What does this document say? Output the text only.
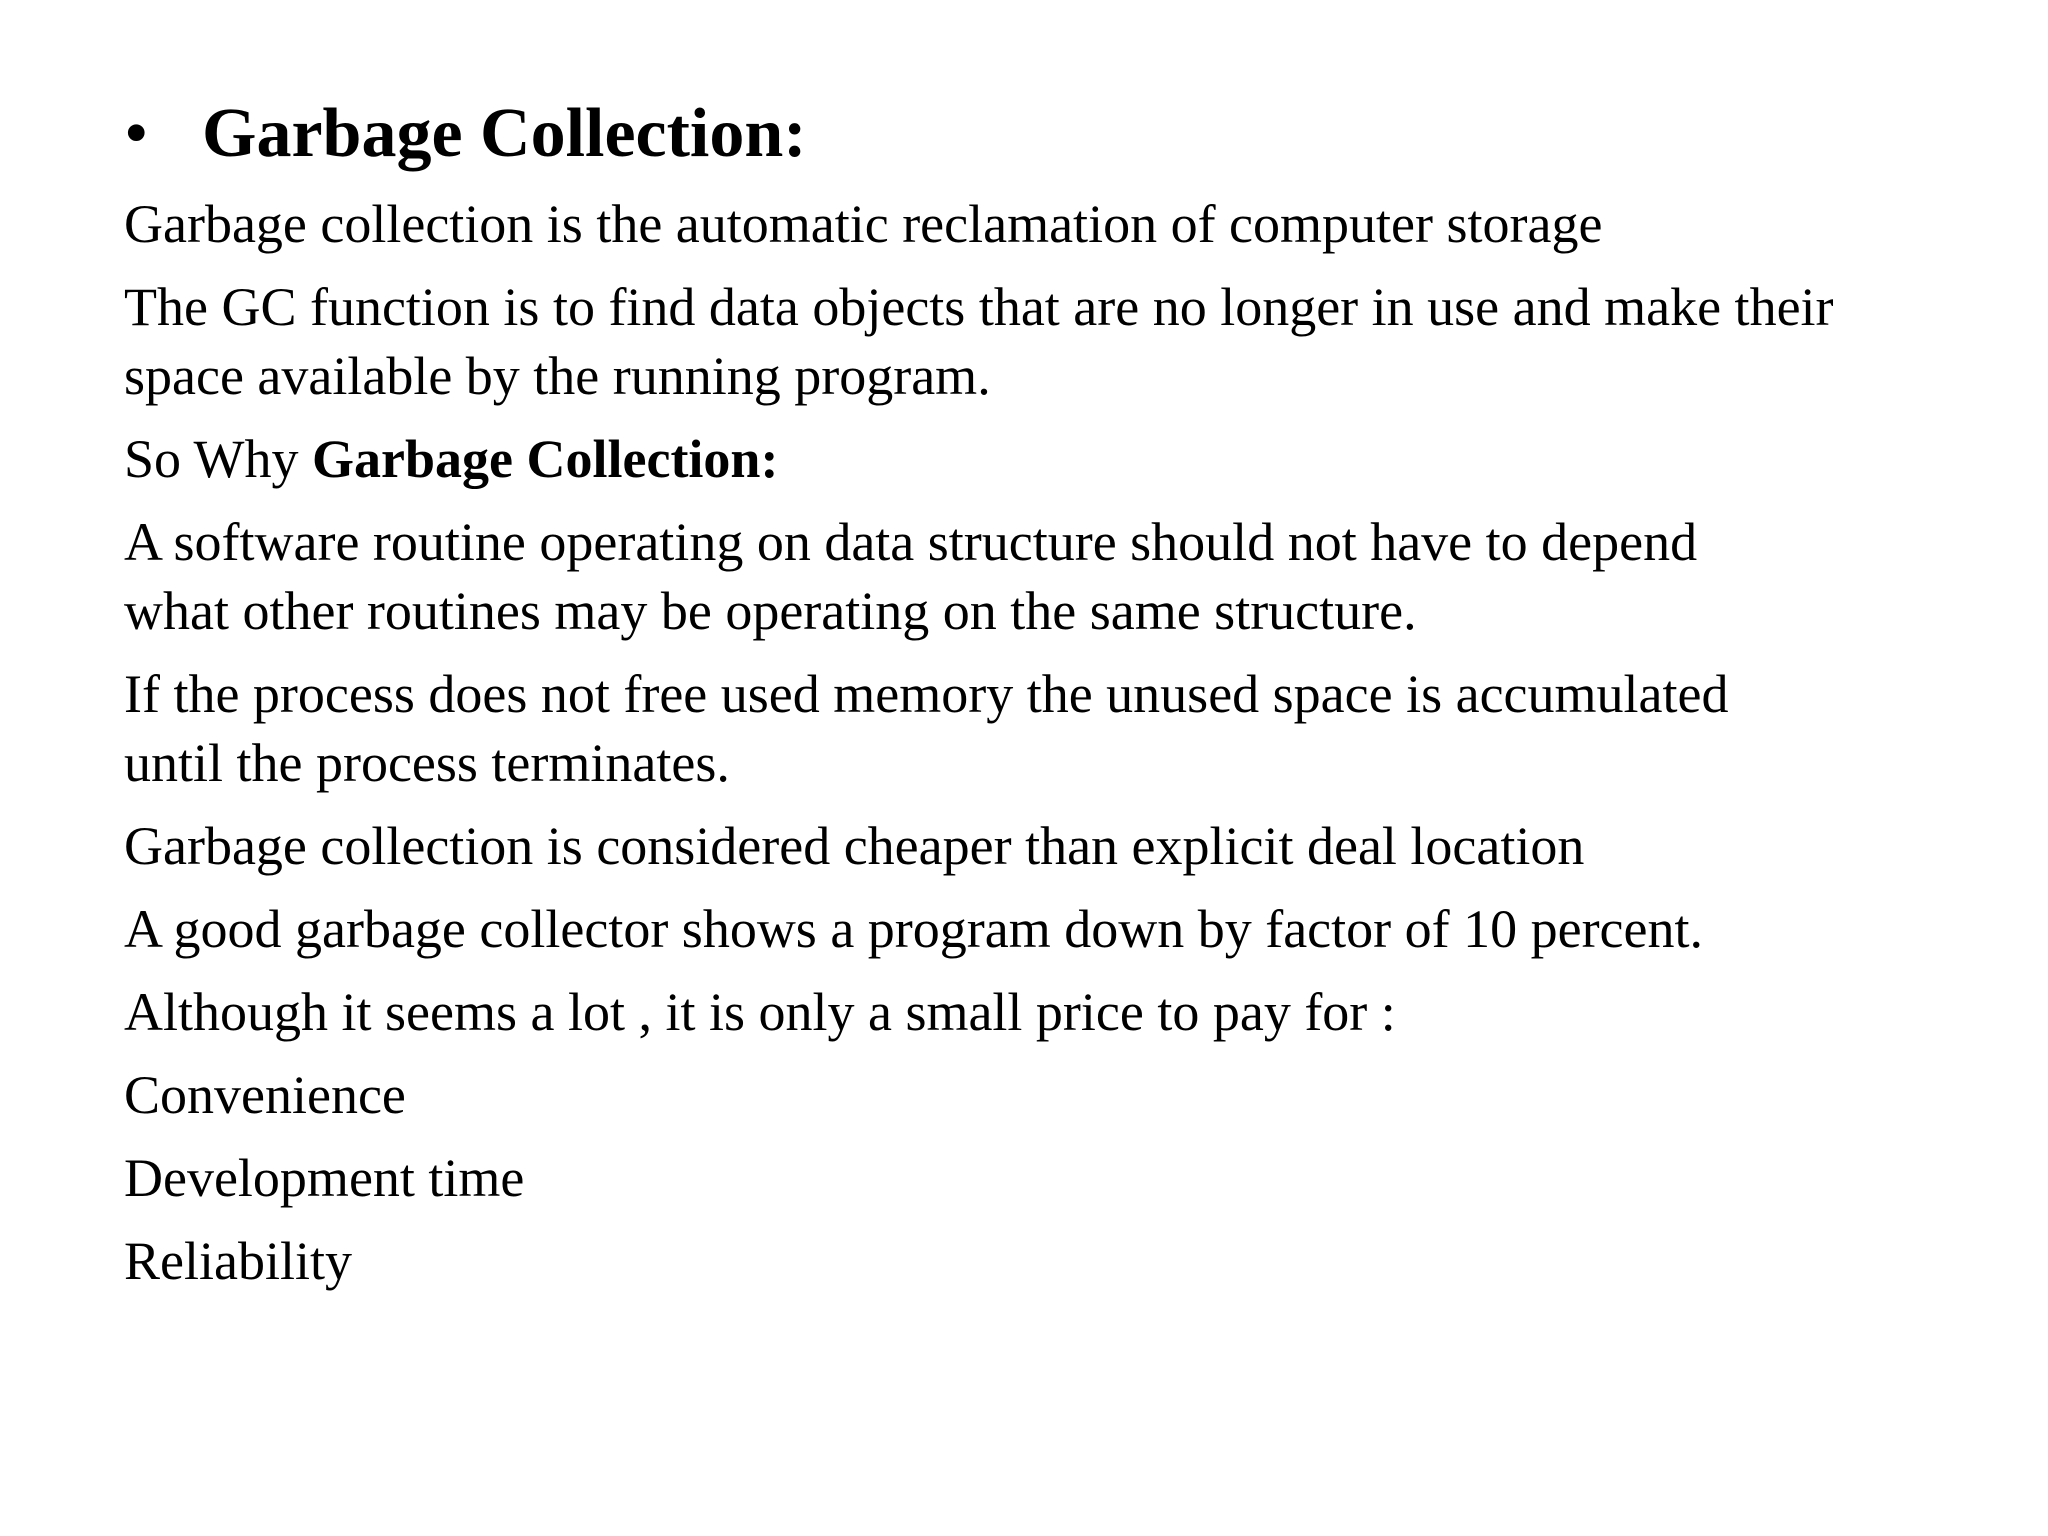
• Garbage Collection:

Garbage collection is the automatic reclamation of computer storage

The GC function is to find data objects that are no longer in use and make their
space available by the running program.

So Why Garbage Collection:

A software routine operating on data structure should not have to depend
what other routines may be operating on the same structure.

If the process does not free used memory the unused space is accumulated
until the process terminates.

Garbage collection is considered cheaper than explicit deal location

A good garbage collector shows a program down by factor of 10 percent.

Although it seems a lot , it is only a small price to pay for :

Convenience

Development time

Reliability
